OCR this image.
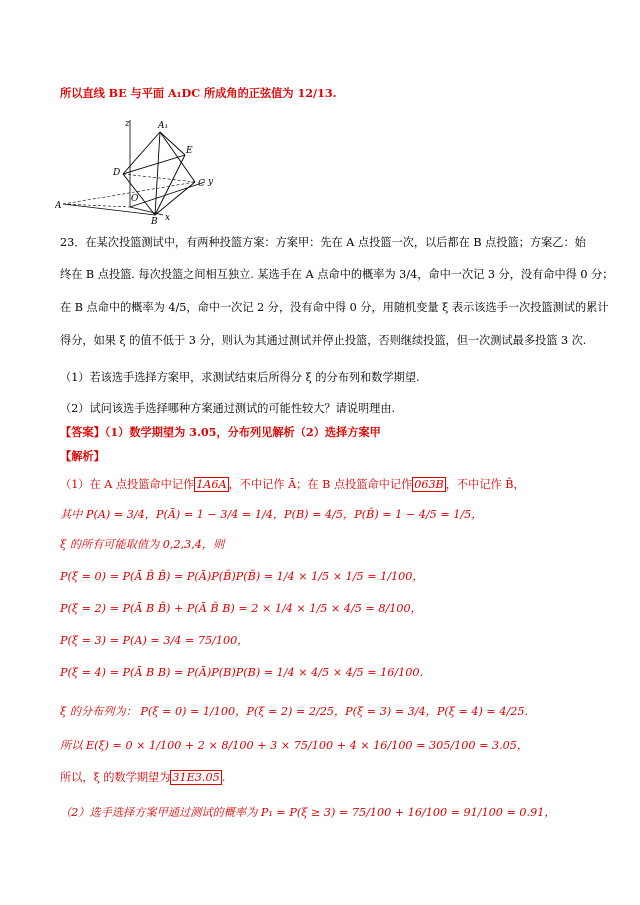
所以直线 BE 与平面 A₁DC 所成角的正弦值为 12/13.
z	A₁
E
D
C y
O
A
B x
23．在某次投篮测试中，有两种投篮方案：方案甲：先在 A 点投篮一次，以后都在 B 点投篮；方案乙：始
终在 B 点投篮. 每次投篮之间相互独立. 某选手在 A 点命中的概率为 3/4，命中一次记 3 分，没有命中得 0 分；
在 B 点命中的概率为 4/5，命中一次记 2 分，没有命中得 0 分，用随机变量 ξ 表示该选手一次投篮测试的累计
得分，如果 ξ 的值不低于 3 分，则认为其通过测试并停止投篮，否则继续投篮，但一次测试最多投篮 3 次.
（1）若该选手选择方案甲，求测试结束后所得分 ξ 的分布列和数学期望.
（2）试问该选手选择哪种方案通过测试的可能性较大？请说明理由.
【答案】（1）数学期望为 3.05，分布列见解析（2）选择方案甲
【解析】
（1）在 A 点投篮命中记作 1A6A ，不中记作 Ā；在 B 点投篮命中记作 063B ，不中记作 B̄，
其中 P(A) = 3/4，P(Ā) = 1 − 3/4 = 1/4，P(B) = 4/5，P(B̄) = 1 − 4/5 = 1/5，
ξ 的所有可能取值为 0,2,3,4，则
P(ξ = 0) = P(Ā B̄ B̄) = P(Ā)P(B̄)P(B̄) = 1/4 × 1/5 × 1/5 = 1/100，
P(ξ = 2) = P(Ā B B̄) + P(Ā B̄ B) = 2 × 1/4 × 1/5 × 4/5 = 8/100，
P(ξ = 3) = P(A) = 3/4 = 75/100，
P(ξ = 4) = P(Ā B B) = P(Ā)P(B)P(B) = 1/4 × 4/5 × 4/5 = 16/100.
ξ 的分布列为： P(ξ = 0) = 1/100，P(ξ = 2) = 2/25，P(ξ = 3) = 3/4，P(ξ = 4) = 4/25.
所以 E(ξ) = 0 × 1/100 + 2 × 8/100 + 3 × 75/100 + 4 × 16/100 = 305/100 = 3.05，
所以，ξ 的数学期望为 31E3.05 .
（2）选手选择方案甲通过测试的概率为 P₁ = P(ξ ≥ 3) = 75/100 + 16/100 = 91/100 = 0.91，
